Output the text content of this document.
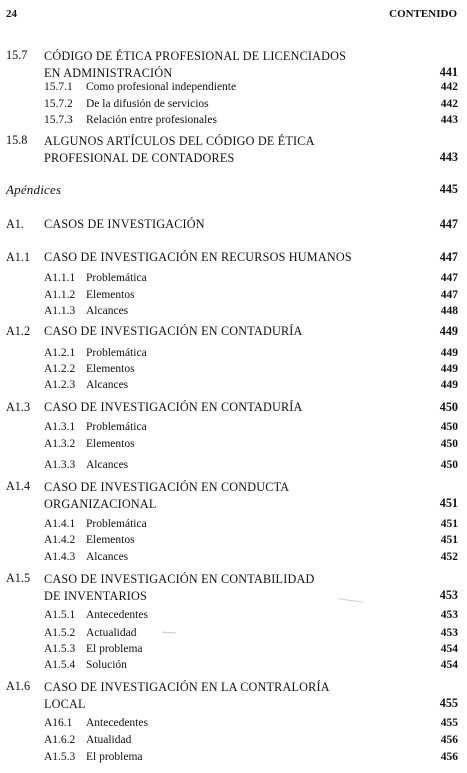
24	CONTENIDO
15.7 CÓDIGO DE ÉTICA PROFESIONAL DE LICENCIADOS
EN ADMINISTRACIÓN	441
15.7.1 Como profesional independiente	442
15.7.2 De la difusión de servicios	442
15.7.3 Relación entre profesionales	443
15.8 ALGUNOS ARTÍCULOS DEL CÓDIGO DE ÉTICA
PROFESIONAL DE CONTADORES	443
Apéndices	445
A1. CASOS DE INVESTIGACIÓN	447
A1.1 CASO DE INVESTIGACIÓN EN RECURSOS HUMANOS	447
A1.1.1 Problemática	447
A1.1.2 Elementos	447
A1.1.3 Alcances	448
A1.2 CASO DE INVESTIGACIÓN EN CONTADURÍA	449
A1.2.1 Problemática	449
A1.2.2 Elementos	449
A1.2.3 Alcances	449
A1.3 CASO DE INVESTIGACIÓN EN CONTADURÍA	450
A1.3.1 Problemática	450
A1.3.2 Elementos	450
A1.3.3 Alcances	450
A1.4 CASO DE INVESTIGACIÓN EN CONDUCTA
ORGANIZACIONAL	451
A1.4.1 Problemática	451
A1.4.2 Elementos	451
A1.4.3 Alcances	452
A1.5 CASO DE INVESTIGACIÓN EN CONTABILIDAD
DE INVENTARIOS	453
A1.5.1 Antecedentes	453
A1.5.2 Actualidad	453
A1.5.3 El problema	454
A1.5.4 Solución	454
A1.6 CASO DE INVESTIGACIÓN EN LA CONTRALORÍA
LOCAL	455
A16.1 Antecedentes	455
A1.6.2 Atualidad	456
A1.5.3 El problema	456
